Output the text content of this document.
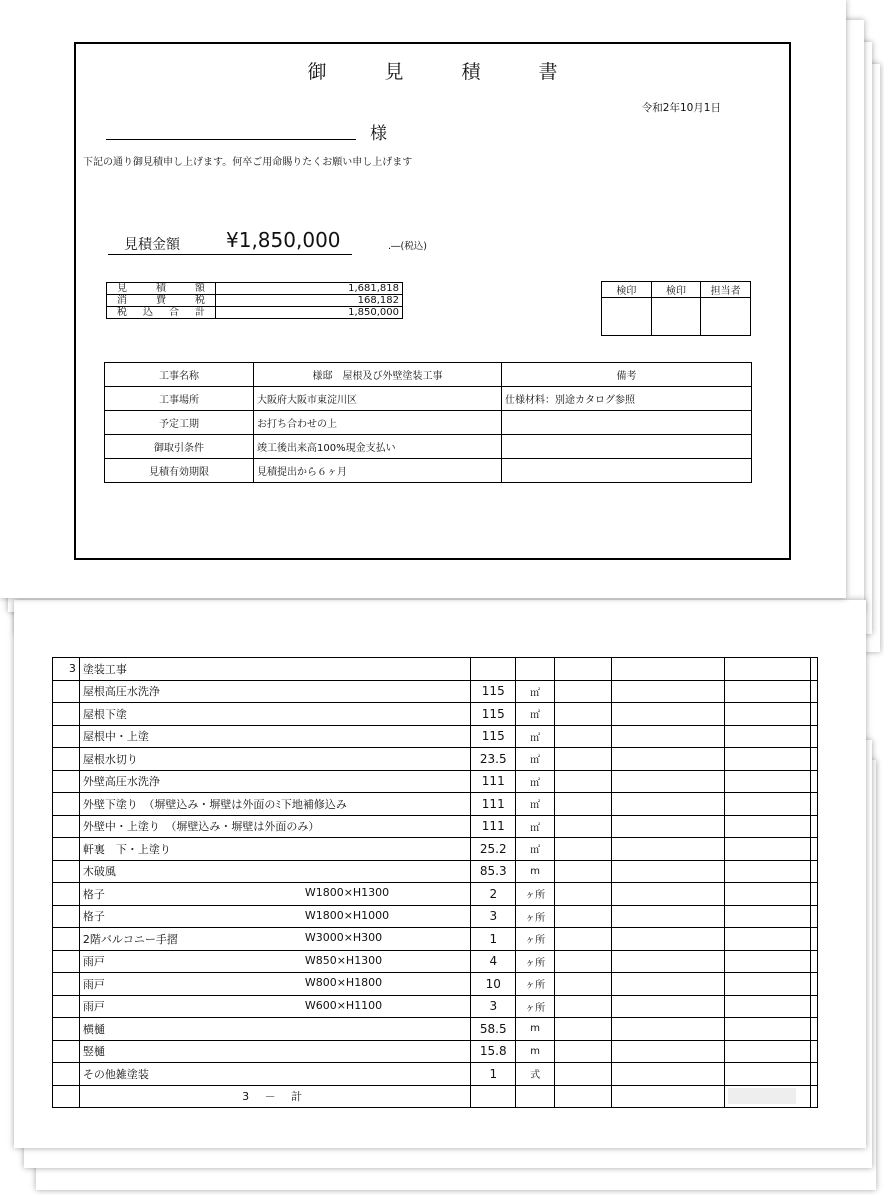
3	塗装工事						
	屋根高圧水洗浄	115	㎡				
	屋根下塗	115	㎡				
	屋根中・上塗	115	㎡				
	屋根水切り	23.5	㎡				
	外壁高圧水洗浄	111	㎡				
	外壁下塗り　（塀壁込み・塀壁は外面のﾐ下地補修込み	111	㎡				
	外壁中・上塗り　（塀壁込み・塀壁は外面のみ）	111	㎡				
	軒裏　下・上塗り	25.2	㎡				
	木破風	85.3	m				
	格子 W1800×H1300	2	ヶ所				
	格子 W1800×H1000	3	ヶ所				
	2階バルコニー手摺 W3000×H300	1	ヶ所				
	雨戸 W850×H1300	4	ヶ所				
	雨戸 W800×H1800	10	ヶ所				
	雨戸 W600×H1100	3	ヶ所				
	横樋	58.5	m				
	竪樋	15.8	m				
	その他雑塗装	1	式				
	3 － 計						
御見積書
令和2年10月1日
様
下記の通り御見積申し上げます。何卒ご用命賜りたくお願い申し上げます
見積金額 ¥1,850,000	.―(税込)
見積額	1,681,818
消費税	168,182
税込合計	1,850,000
検印	検印	担当者

工事名称	様邸　屋根及び外壁塗装工事	備考
工事場所	大阪府大阪市東淀川区	仕様材料：別途カタログ参照
予定工期	お打ち合わせの上	
御取引条件	竣工後出来高100%現金支払い	
見積有効期限	見積提出から６ヶ月	
